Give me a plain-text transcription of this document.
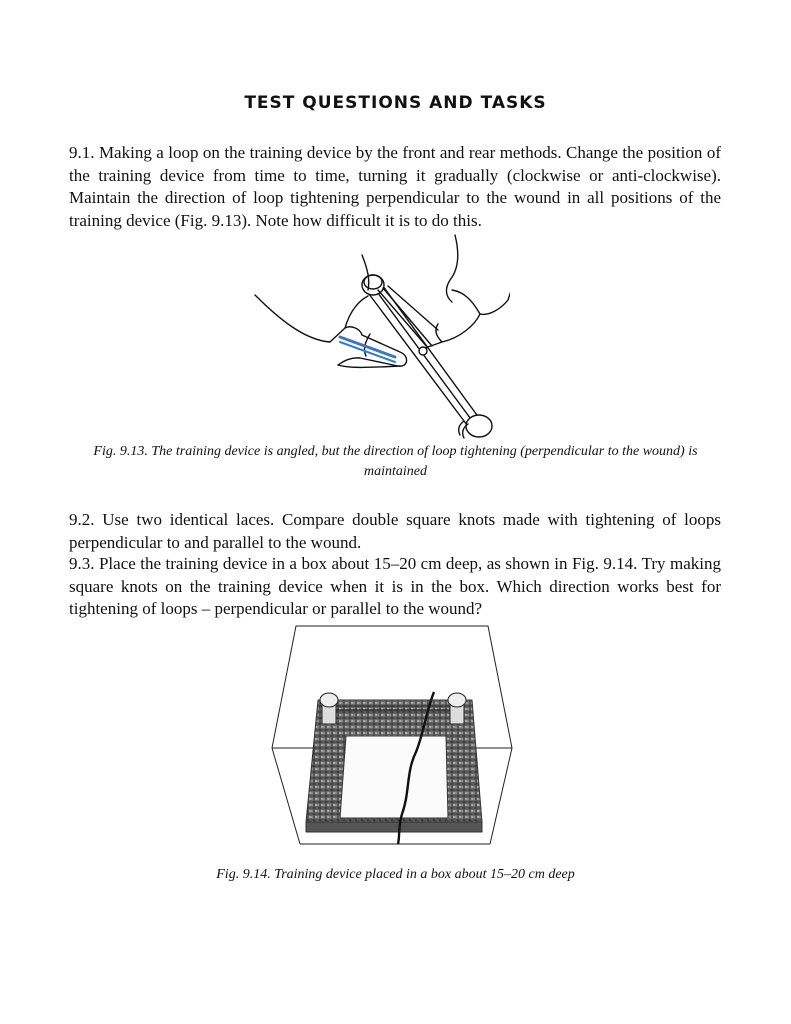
TEST QUESTIONS AND TASKS
9.1. Making a loop on the training device by the front and rear methods. Change the position of the training device from time to time, turning it gradually (clockwise or anti-clockwise). Maintain the direction of loop tightening perpendicular to the wound in all positions of the training device (Fig. 9.13). Note how difficult it is to do this.
Fig. 9.13. The training device is angled, but the direction of loop tightening (perpendicular to the wound) is maintained
9.2. Use two identical laces. Compare double square knots made with tightening of loops perpendicular to and parallel to the wound.
9.3. Place the training device in a box about 15–20 cm deep, as shown in Fig. 9.14. Try making square knots on the training device when it is in the box. Which direction works best for tightening of loops – perpendicular or parallel to the wound?
Fig. 9.14. Training device placed in a box about 15–20 cm deep
